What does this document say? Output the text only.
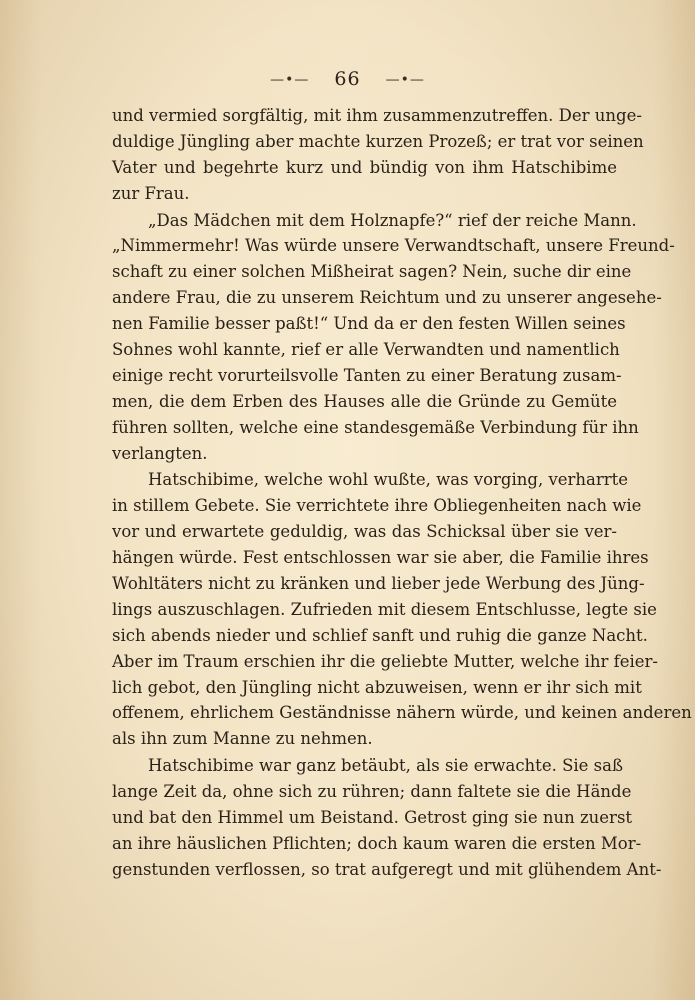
—•— 66 —•—
und vermied sorgfältig, mit ihm zusammenzutreffen. Der unge-
duldige Jüngling aber machte kurzen Prozeß; er trat vor seinen
Vater und begehrte kurz und bündig von ihm Hatschibime
zur Frau.
„Das Mädchen mit dem Holznapfe?“ rief der reiche Mann.
„Nimmermehr! Was würde unsere Verwandtschaft, unsere Freund-
schaft zu einer solchen Mißheirat sagen? Nein, suche dir eine
andere Frau, die zu unserem Reichtum und zu unserer angesehe-
nen Familie besser paßt!“ Und da er den festen Willen seines
Sohnes wohl kannte, rief er alle Verwandten und namentlich
einige recht vorurteilsvolle Tanten zu einer Beratung zusam-
men, die dem Erben des Hauses alle die Gründe zu Gemüte
führen sollten, welche eine standesgemäße Verbindung für ihn
verlangten.
Hatschibime, welche wohl wußte, was vorging, verharrte
in stillem Gebete. Sie verrichtete ihre Obliegenheiten nach wie
vor und erwartete geduldig, was das Schicksal über sie ver-
hängen würde. Fest entschlossen war sie aber, die Familie ihres
Wohltäters nicht zu kränken und lieber jede Werbung des Jüng-
lings auszuschlagen. Zufrieden mit diesem Entschlusse, legte sie
sich abends nieder und schlief sanft und ruhig die ganze Nacht.
Aber im Traum erschien ihr die geliebte Mutter, welche ihr feier-
lich gebot, den Jüngling nicht abzuweisen, wenn er ihr sich mit
offenem, ehrlichem Geständnisse nähern würde, und keinen anderen
als ihn zum Manne zu nehmen.
Hatschibime war ganz betäubt, als sie erwachte. Sie saß
lange Zeit da, ohne sich zu rühren; dann faltete sie die Hände
und bat den Himmel um Beistand. Getrost ging sie nun zuerst
an ihre häuslichen Pflichten; doch kaum waren die ersten Mor-
genstunden verflossen, so trat aufgeregt und mit glühendem Ant-
